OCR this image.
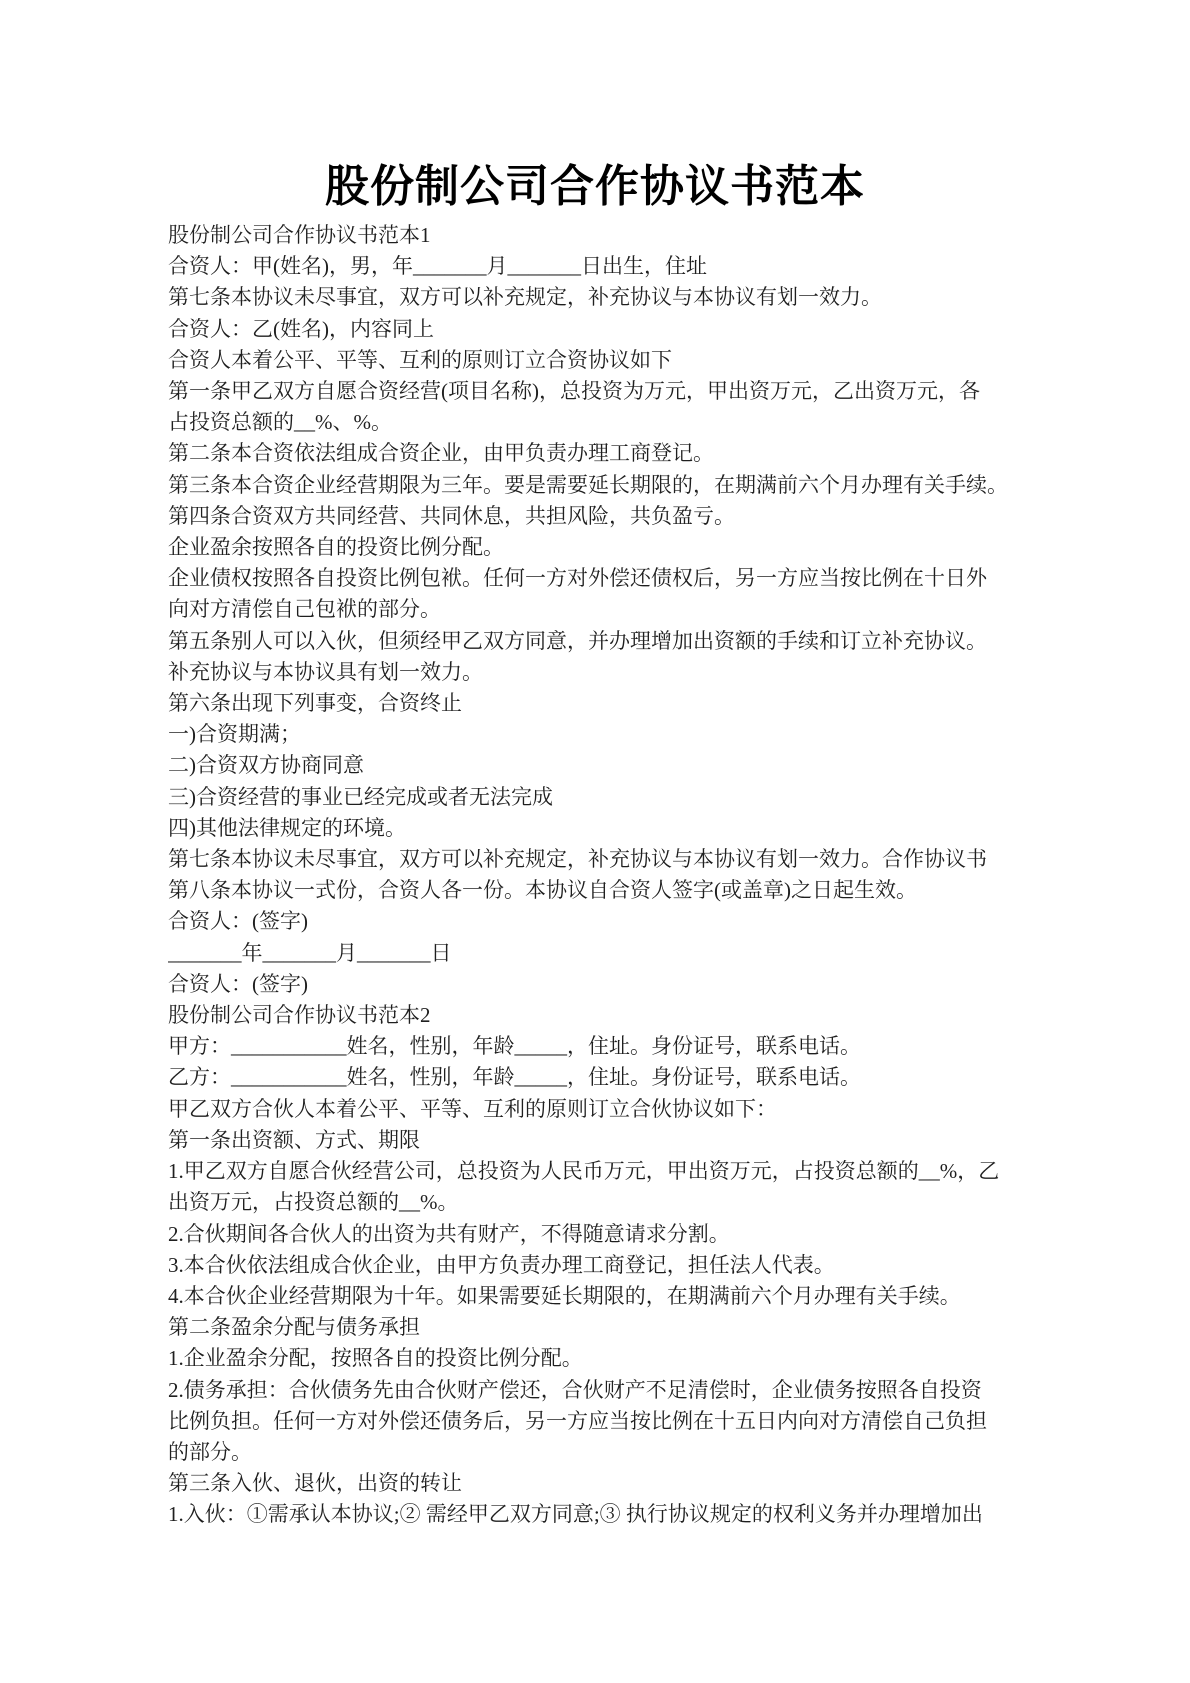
股份制公司合作协议书范本
股份制公司合作协议书范本1
合资人：甲(姓名)，男，年_______月_______日出生，住址
第七条本协议未尽事宜，双方可以补充规定，补充协议与本协议有划一效力。
合资人：乙(姓名)，内容同上
合资人本着公平、平等、互利的原则订立合资协议如下
第一条甲乙双方自愿合资经营(项目名称)，总投资为万元，甲出资万元，乙出资万元，各
占投资总额的__%、%。
第二条本合资依法组成合资企业，由甲负责办理工商登记。
第三条本合资企业经营期限为三年。要是需要延长期限的，在期满前六个月办理有关手续。
第四条合资双方共同经营、共同休息，共担风险，共负盈亏。
企业盈余按照各自的投资比例分配。
企业债权按照各自投资比例包袱。任何一方对外偿还债权后，另一方应当按比例在十日外
向对方清偿自己包袱的部分。
第五条别人可以入伙，但须经甲乙双方同意，并办理增加出资额的手续和订立补充协议。
补充协议与本协议具有划一效力。
第六条出现下列事变，合资终止
一)合资期满；
二)合资双方协商同意
三)合资经营的事业已经完成或者无法完成
四)其他法律规定的环境。
第七条本协议未尽事宜，双方可以补充规定，补充协议与本协议有划一效力。合作协议书
第八条本协议一式份，合资人各一份。本协议自合资人签字(或盖章)之日起生效。
合资人：(签字)
_______年_______月_______日
合资人：(签字)
股份制公司合作协议书范本2
甲方：___________姓名，性别，年龄_____，住址。身份证号，联系电话。
乙方：___________姓名，性别，年龄_____，住址。身份证号，联系电话。
甲乙双方合伙人本着公平、平等、互利的原则订立合伙协议如下：
第一条出资额、方式、期限
1.甲乙双方自愿合伙经营公司，总投资为人民币万元，甲出资万元，占投资总额的__%，乙
出资万元，占投资总额的__%。
2.合伙期间各合伙人的出资为共有财产，不得随意请求分割。
3.本合伙依法组成合伙企业，由甲方负责办理工商登记，担任法人代表。
4.本合伙企业经营期限为十年。如果需要延长期限的，在期满前六个月办理有关手续。
第二条盈余分配与债务承担
1.企业盈余分配，按照各自的投资比例分配。
2.债务承担：合伙债务先由合伙财产偿还，合伙财产不足清偿时，企业债务按照各自投资
比例负担。任何一方对外偿还债务后，另一方应当按比例在十五日内向对方清偿自己负担
的部分。
第三条入伙、退伙，出资的转让
1.入伙：①需承认本协议;② 需经甲乙双方同意;③ 执行协议规定的权利义务并办理增加出
